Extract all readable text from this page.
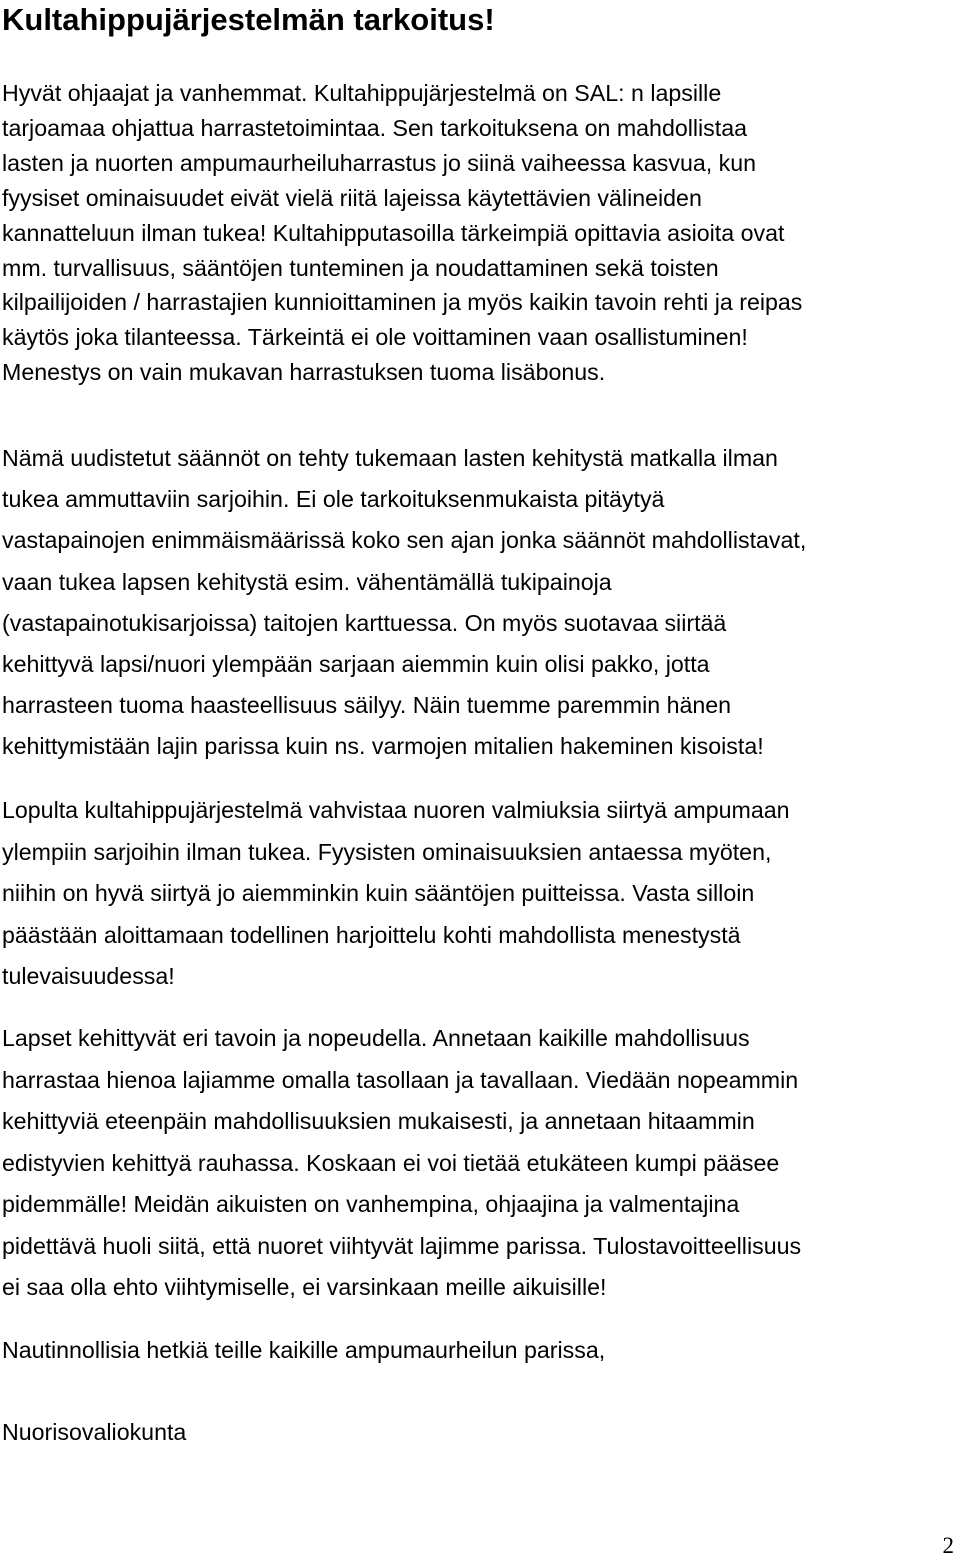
Kultahippujärjestelmän tarkoitus!

Hyvät ohjaajat ja vanhemmat. Kultahippujärjestelmä on SAL: n lapsille
tarjoamaa ohjattua harrastetoimintaa. Sen tarkoituksena on mahdollistaa
lasten ja nuorten ampumaurheiluharrastus jo siinä vaiheessa kasvua, kun
fyysiset ominaisuudet eivät vielä riitä lajeissa käytettävien välineiden
kannatteluun ilman tukea! Kultahipputasoilla tärkeimpiä opittavia asioita ovat
mm. turvallisuus, sääntöjen tunteminen ja noudattaminen sekä toisten
kilpailijoiden / harrastajien kunnioittaminen ja myös kaikin tavoin rehti ja reipas
käytös joka tilanteessa. Tärkeintä ei ole voittaminen vaan osallistuminen!
Menestys on vain mukavan harrastuksen tuoma lisäbonus.

Nämä uudistetut säännöt on tehty tukemaan lasten kehitystä matkalla ilman
tukea ammuttaviin sarjoihin. Ei ole tarkoituksenmukaista pitäytyä
vastapainojen enimmäismäärissä koko sen ajan jonka säännöt mahdollistavat,
vaan tukea lapsen kehitystä esim. vähentämällä tukipainoja
(vastapainotukisarjoissa) taitojen karttuessa. On myös suotavaa siirtää
kehittyvä lapsi/nuori ylempään sarjaan aiemmin kuin olisi pakko, jotta
harrasteen tuoma haasteellisuus säilyy. Näin tuemme paremmin hänen
kehittymistään lajin parissa kuin ns. varmojen mitalien hakeminen kisoista!

Lopulta kultahippujärjestelmä vahvistaa nuoren valmiuksia siirtyä ampumaan
ylempiin sarjoihin ilman tukea. Fyysisten ominaisuuksien antaessa myöten,
niihin on hyvä siirtyä jo aiemminkin kuin sääntöjen puitteissa. Vasta silloin
päästään aloittamaan todellinen harjoittelu kohti mahdollista menestystä
tulevaisuudessa!

Lapset kehittyvät eri tavoin ja nopeudella. Annetaan kaikille mahdollisuus
harrastaa hienoa lajiamme omalla tasollaan ja tavallaan. Viedään nopeammin
kehittyviä eteenpäin mahdollisuuksien mukaisesti, ja annetaan hitaammin
edistyvien kehittyä rauhassa. Koskaan ei voi tietää etukäteen kumpi pääsee
pidemmälle! Meidän aikuisten on vanhempina, ohjaajina ja valmentajina
pidettävä huoli siitä, että nuoret viihtyvät lajimme parissa. Tulostavoitteellisuus
ei saa olla ehto viihtymiselle, ei varsinkaan meille aikuisille!

Nautinnollisia hetkiä teille kaikille ampumaurheilun parissa,

Nuorisovaliokunta

2
